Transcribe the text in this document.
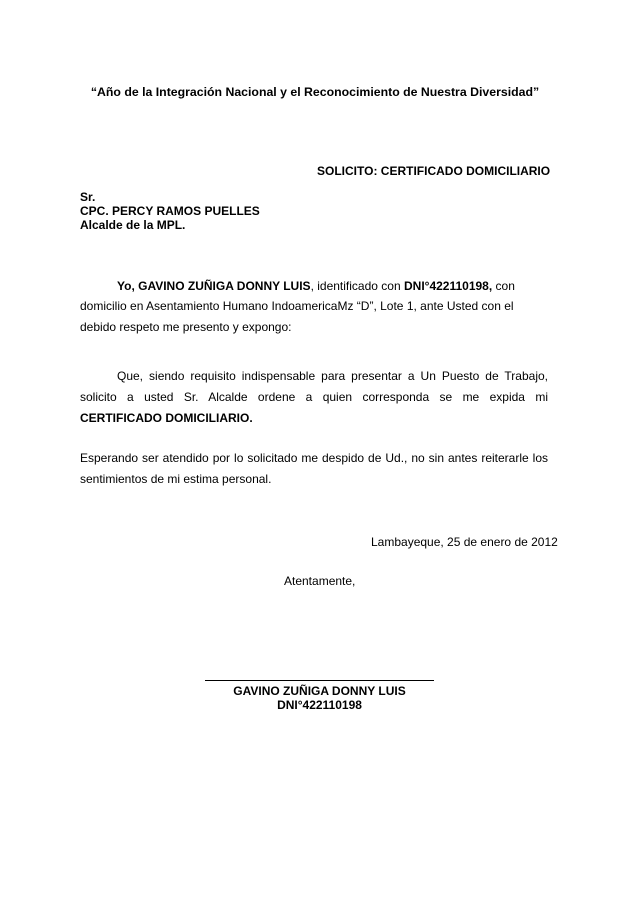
“Año de la Integración Nacional y el Reconocimiento de Nuestra Diversidad”
SOLICITO: CERTIFICADO DOMICILIARIO
Sr.
CPC. PERCY RAMOS PUELLES
Alcalde de la MPL.
Yo, GAVINO ZUÑIGA DONNY LUIS, identificado con DNI°422110198, con
domicilio en Asentamiento Humano IndoamericaMz “D”, Lote 1, ante Usted con el
debido respeto me presento y expongo:
Que, siendo requisito indispensable para presentar a Un Puesto de Trabajo,
solicito a usted Sr. Alcalde ordene a quien corresponda se me expida mi
CERTIFICADO DOMICILIARIO.
Esperando ser atendido por lo solicitado me despido de Ud., no sin antes reiterarle los
sentimientos de mi estima personal.
Lambayeque, 25 de enero de 2012
Atentamente,
GAVINO ZUÑIGA DONNY LUIS
DNI°422110198
